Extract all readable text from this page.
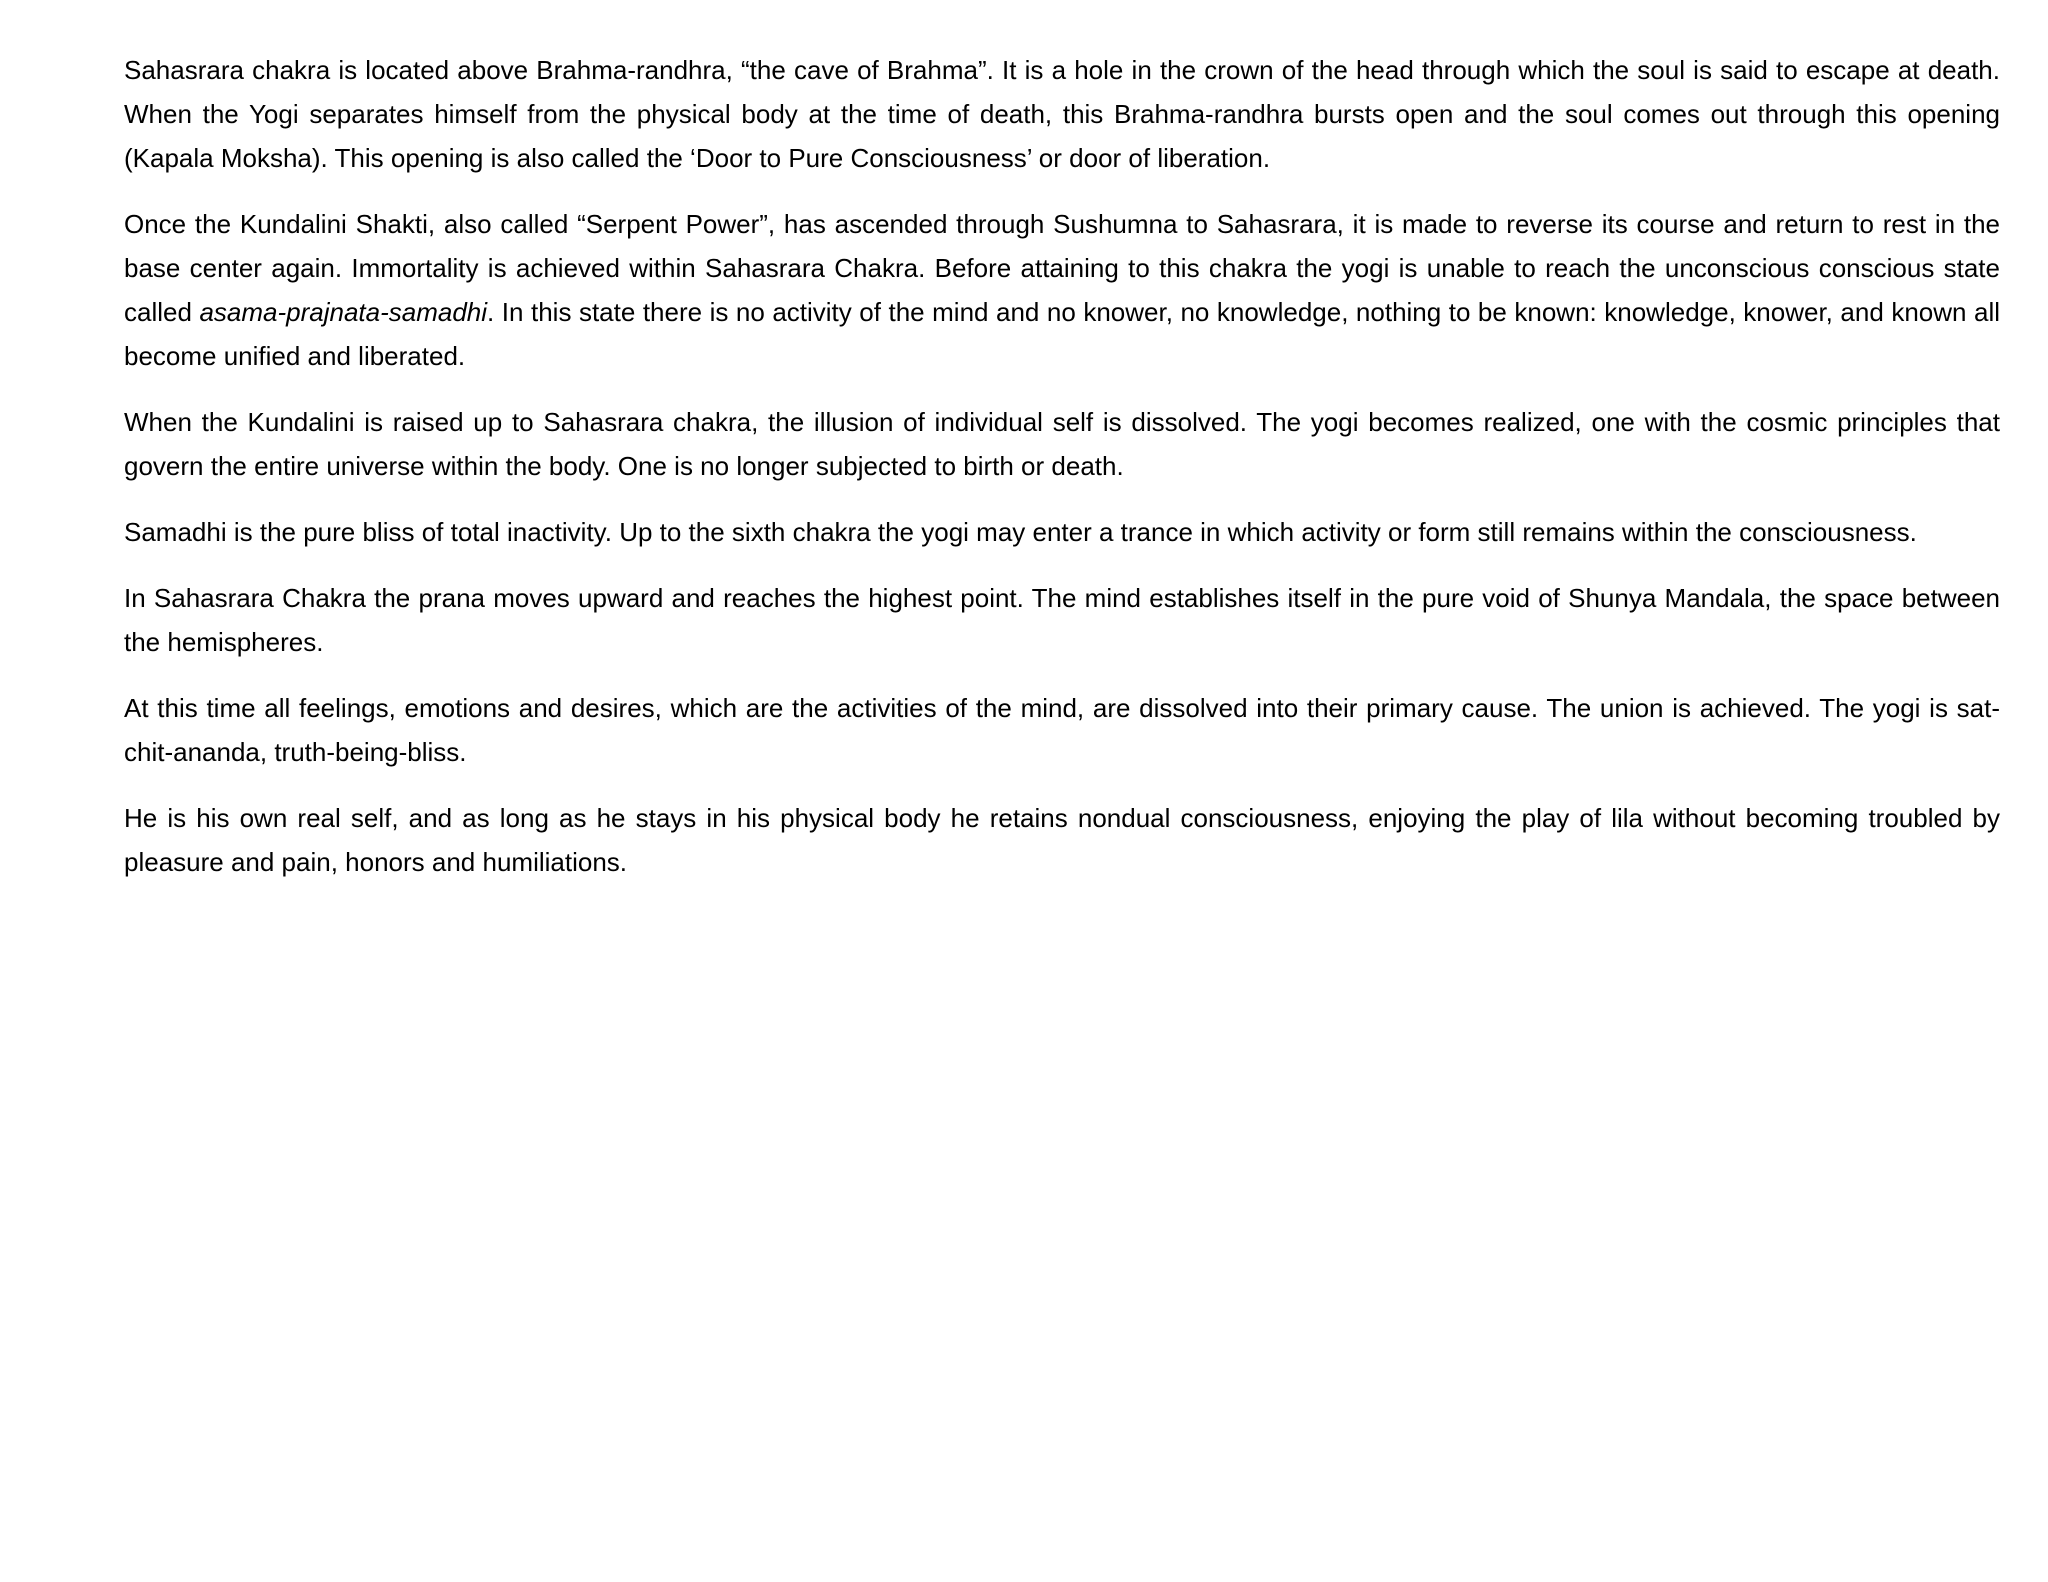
Sahasrara chakra is located above Brahma-randhra, “the cave of Brahma”. It is a hole in the crown of the head through which the soul is said to escape at death. When the Yogi separates himself from the physical body at the time of death, this Brahma-randhra bursts open and the soul comes out through this opening (Kapala Moksha). This opening is also called the ‘Door to Pure Consciousness’ or door of liberation.

Once the Kundalini Shakti, also called “Serpent Power”, has ascended through Sushumna to Sahasrara, it is made to reverse its course and return to rest in the base center again. Immortality is achieved within Sahasrara Chakra. Before attaining to this chakra the yogi is unable to reach the unconscious conscious state called asama-prajnata-samadhi. In this state there is no activity of the mind and no knower, no knowledge, nothing to be known: knowledge, knower, and known all become unified and liberated.

When the Kundalini is raised up to Sahasrara chakra, the illusion of individual self is dissolved. The yogi becomes realized, one with the cosmic principles that govern the entire universe within the body. One is no longer subjected to birth or death.

Samadhi is the pure bliss of total inactivity. Up to the sixth chakra the yogi may enter a trance in which activity or form still remains within the consciousness.

In Sahasrara Chakra the prana moves upward and reaches the highest point. The mind establishes itself in the pure void of Shunya Mandala, the space between the hemispheres.

At this time all feelings, emotions and desires, which are the activities of the mind, are dissolved into their primary cause. The union is achieved. The yogi is sat-chit-ananda, truth-being-bliss.

He is his own real self, and as long as he stays in his physical body he retains nondual consciousness, enjoying the play of lila without becoming troubled by pleasure and pain, honors and humiliations.
